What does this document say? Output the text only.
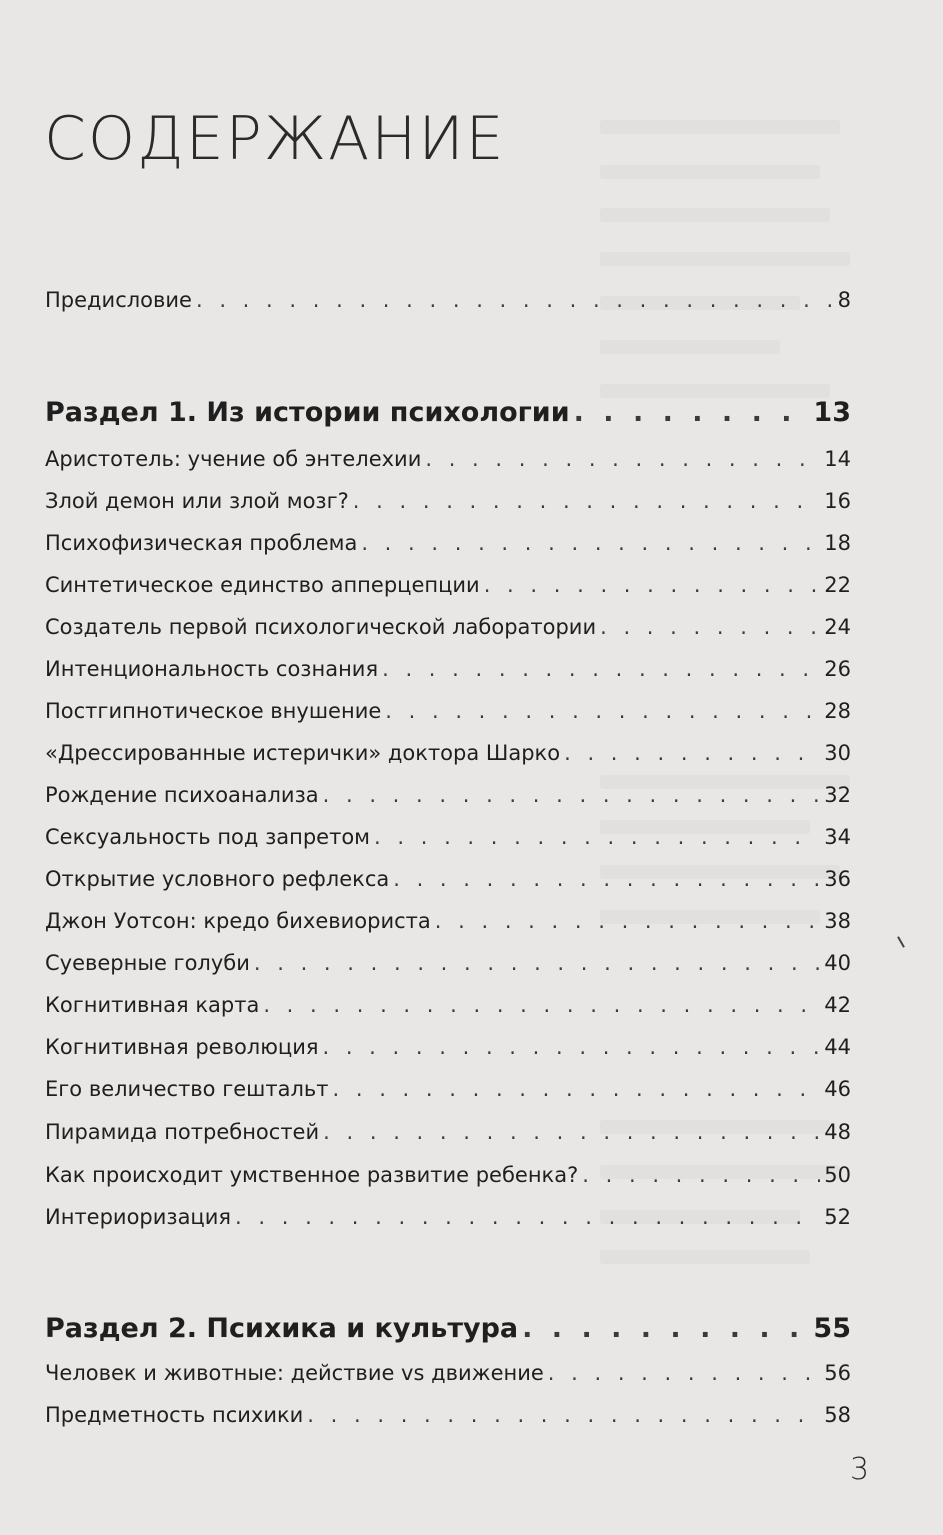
СОДЕРЖАНИЕ
Предисловие . . .	8
Раздел 1. Из истории психологии . . .	13
Аристотель: учение об энтелехии . . .	14
Злой демон или злой мозг? . . .	16
Психофизическая проблема . . .	18
Синтетическое единство апперцепции . . .	22
Создатель первой психологической лаборатории . . .	24
Интенциональность сознания . . .	26
Постгипнотическое внушение . . .	28
«Дрессированные истерички» доктора Шарко . . .	30
Рождение психоанализа . . .	32
Сексуальность под запретом . . .	34
Открытие условного рефлекса . . .	36
Джон Уотсон: кредо бихевиориста . . .	38
Суеверные голуби . . .	40
Когнитивная карта . . .	42
Когнитивная революция . . .	44
Его величество гештальт . . .	46
Пирамида потребностей . . .	48
Как происходит умственное развитие ребенка? . . .	50
Интериоризация . . .	52
Раздел 2. Психика и культура . . .	55
Человек и животные: действие vs движение . . .	56
Предметность психики . . .	58
3
